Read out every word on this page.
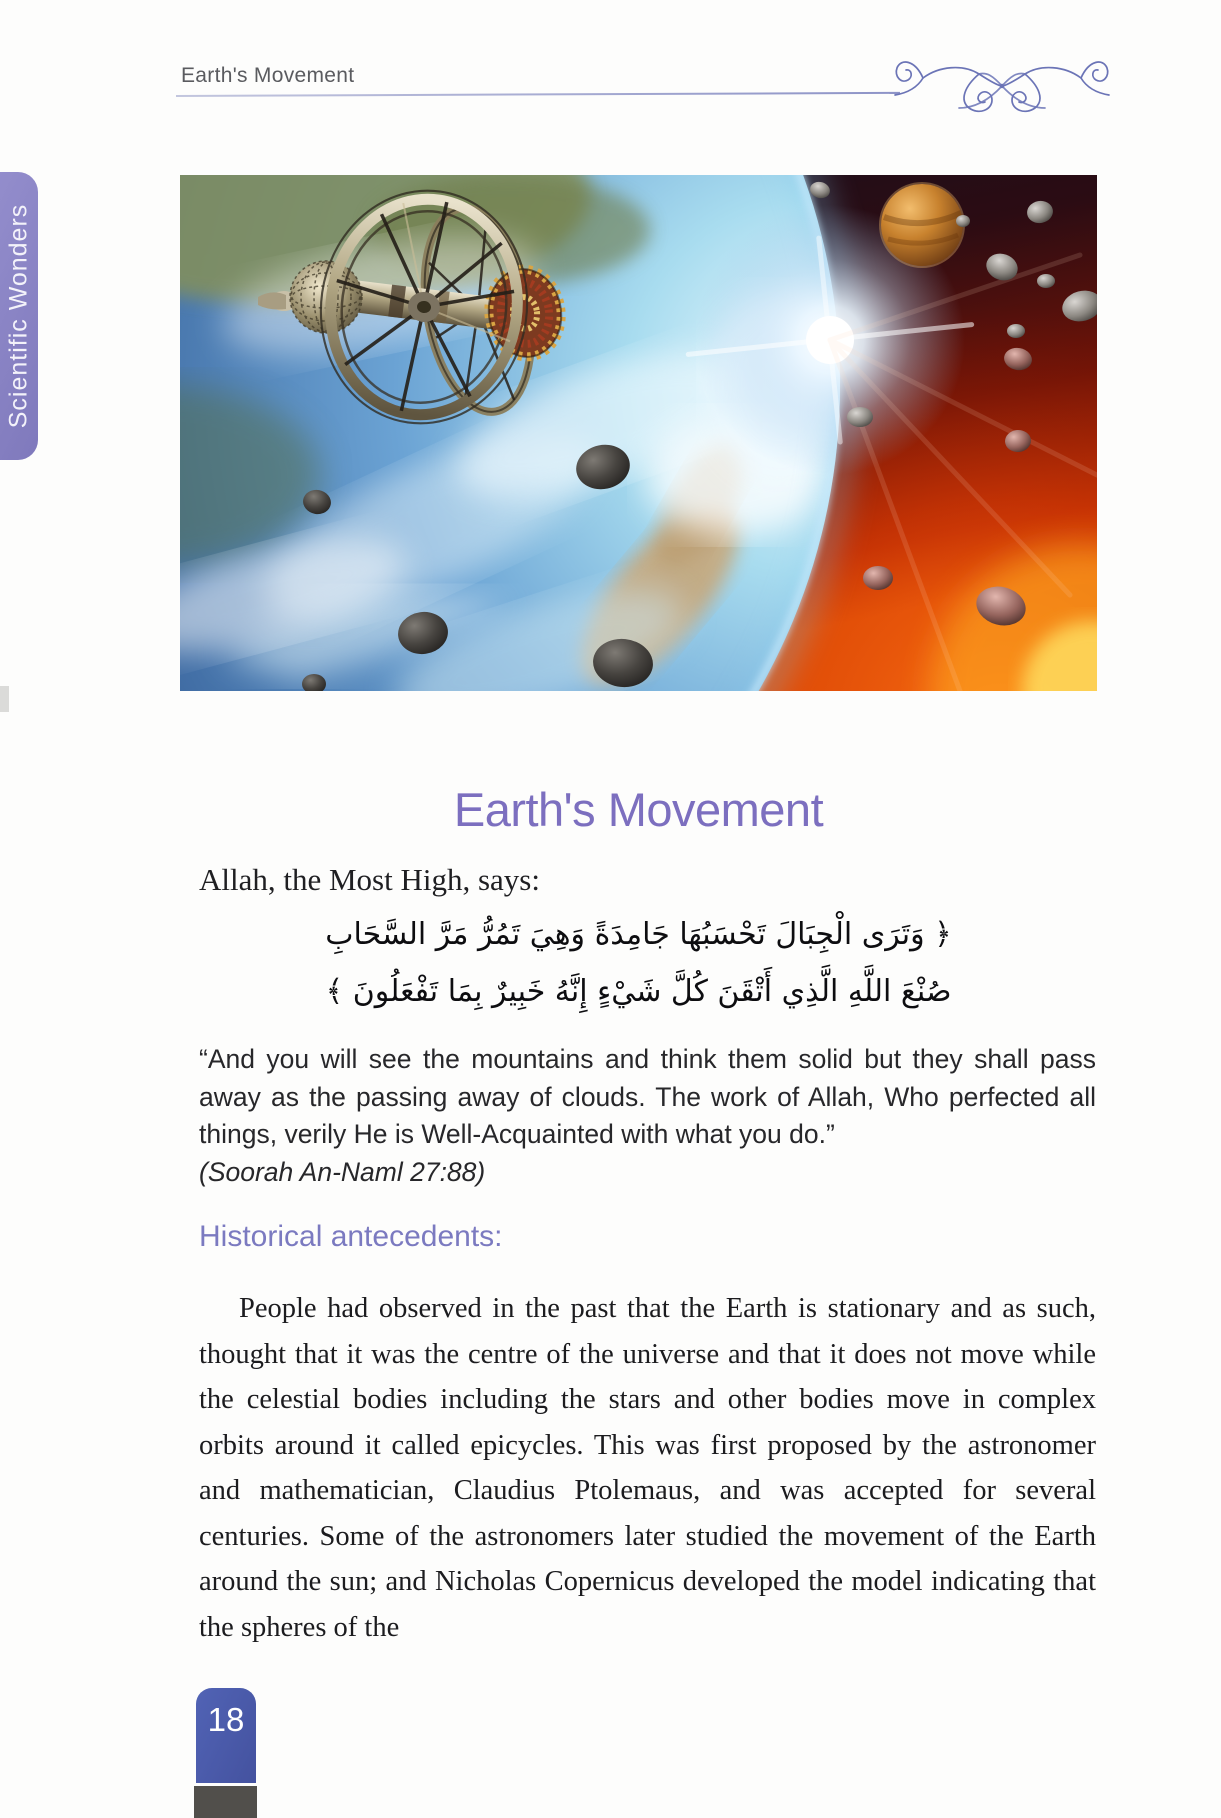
Earth's Movement
Scientific Wonders
Earth's Movement
Allah, the Most High, says:
﴿ وَتَرَى الْجِبَالَ تَحْسَبُهَا جَامِدَةً وَهِيَ تَمُرُّ مَرَّ السَّحَابِ
صُنْعَ اللَّهِ الَّذِي أَتْقَنَ كُلَّ شَيْءٍ إِنَّهُ خَبِيرٌ بِمَا تَفْعَلُونَ ﴾
“And you will see the mountains and think them solid but they shall pass away as the passing away of clouds. The work of Allah, Who perfected all things, verily He is Well-Acquainted with what you do.”
(Soorah An-Naml 27:88)
Historical antecedents:
People had observed in the past that the Earth is stationary and as such, thought that it was the centre of the universe and that it does not move while the celestial bodies including the stars and other bodies move in complex orbits around it called epicycles. This was first proposed by the astronomer and mathematician, Claudius Ptolemaus, and was accepted for several centuries. Some of the astronomers later studied the movement of the Earth around the sun; and Nicholas Copernicus developed the model indicating that the spheres of the
18
